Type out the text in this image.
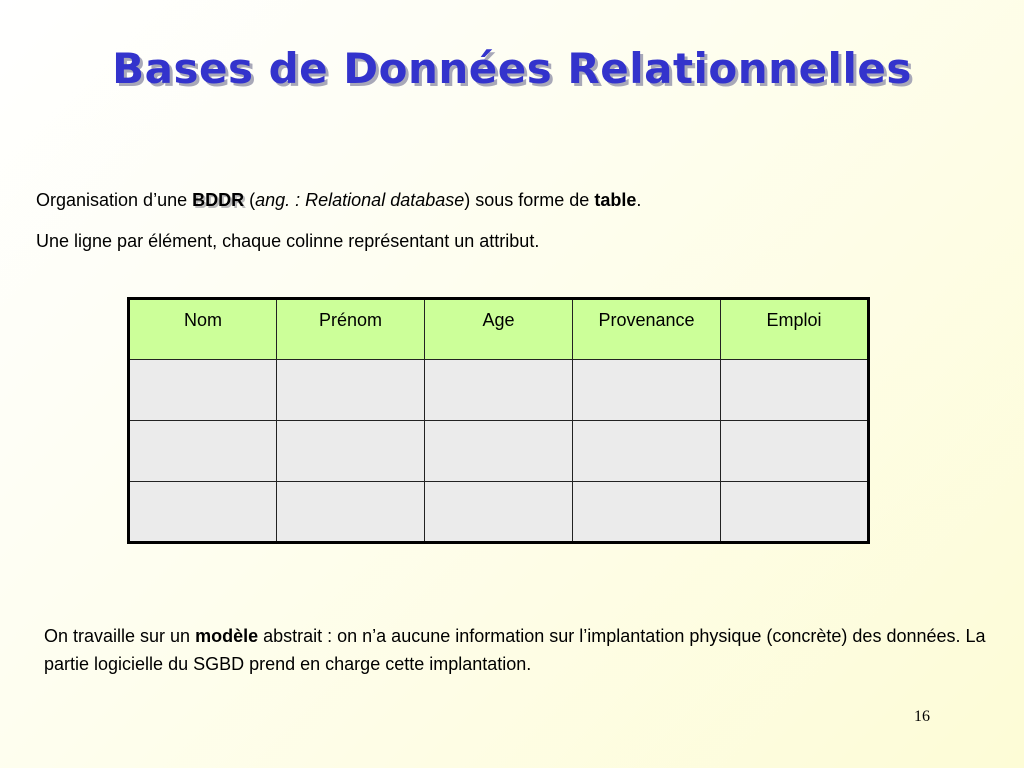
Bases de Données Relationnelles
Organisation d’une BDDR (ang. : Relational database) sous forme de table.
Une ligne par élément, chaque colinne représentant un attribut.
Nom	Prénom	Age	Provenance	Emploi

On travaille sur un modèle abstrait : on n’a aucune information sur l’implantation physique (concrète) des données. La partie logicielle du SGBD prend en charge cette implantation.
16
